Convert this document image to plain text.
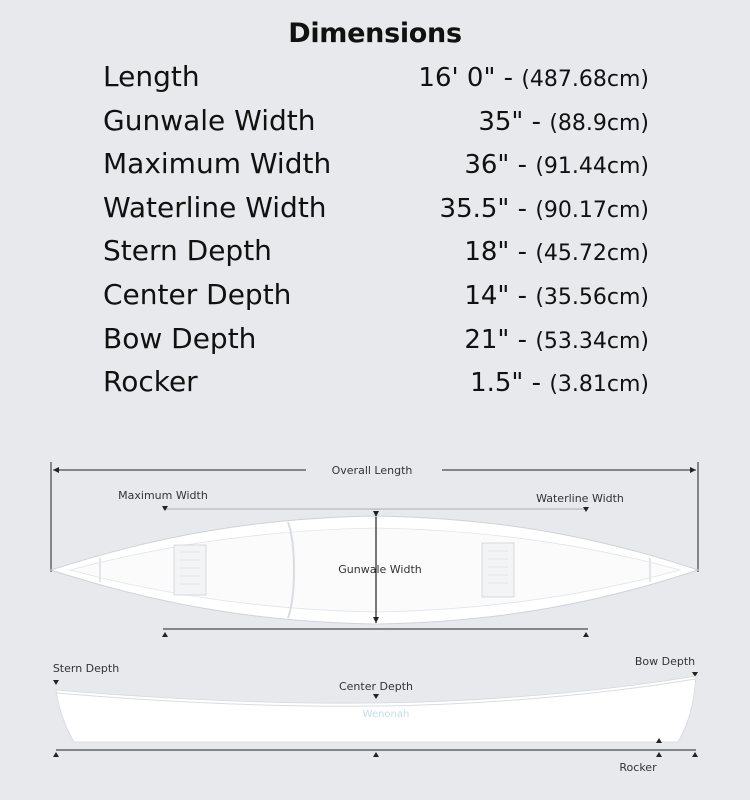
Dimensions
Length	16' 0" - (487.68cm)
Gunwale Width	35" - (88.9cm)
Maximum Width	36" - (91.44cm)
Waterline Width	35.5" - (90.17cm)
Stern Depth	18" - (45.72cm)
Center Depth	14" - (35.56cm)
Bow Depth	21" - (53.34cm)
Rocker	1.5" - (3.81cm)
Overall Length
Maximum Width	Waterline Width
Gunwale Width
Stern Depth
Bow Depth
Center Depth
Wenonah
Rocker
